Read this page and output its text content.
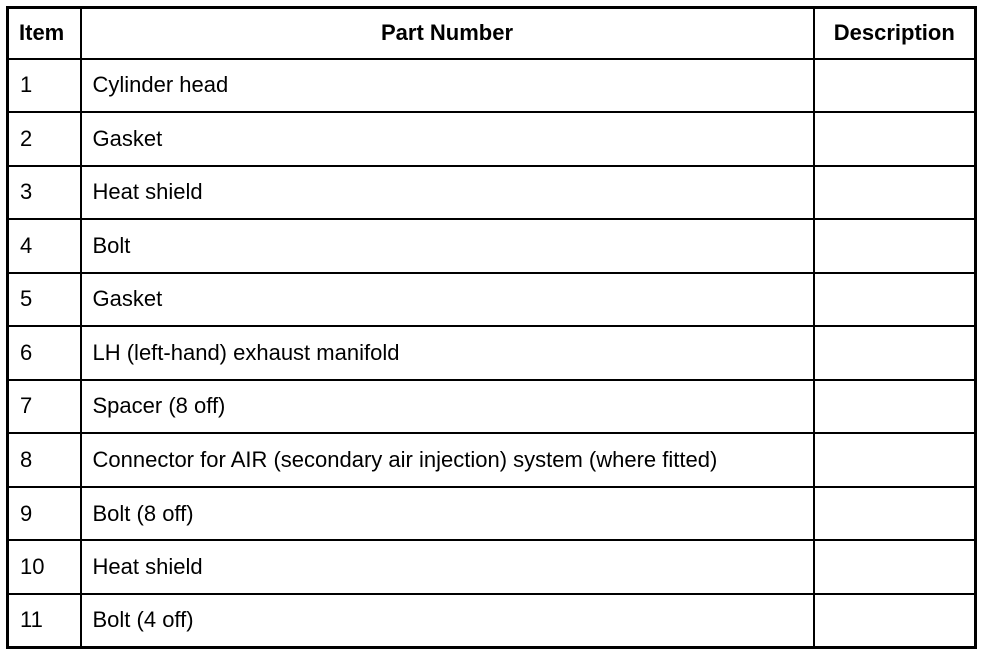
Item	Part Number	Description
1	Cylinder head	
2	Gasket	
3	Heat shield	
4	Bolt	
5	Gasket	
6	LH (left-hand) exhaust manifold	
7	Spacer (8 off)	
8	Connector for AIR (secondary air injection) system (where fitted)	
9	Bolt (8 off)	
10	Heat shield	
11	Bolt (4 off)	
